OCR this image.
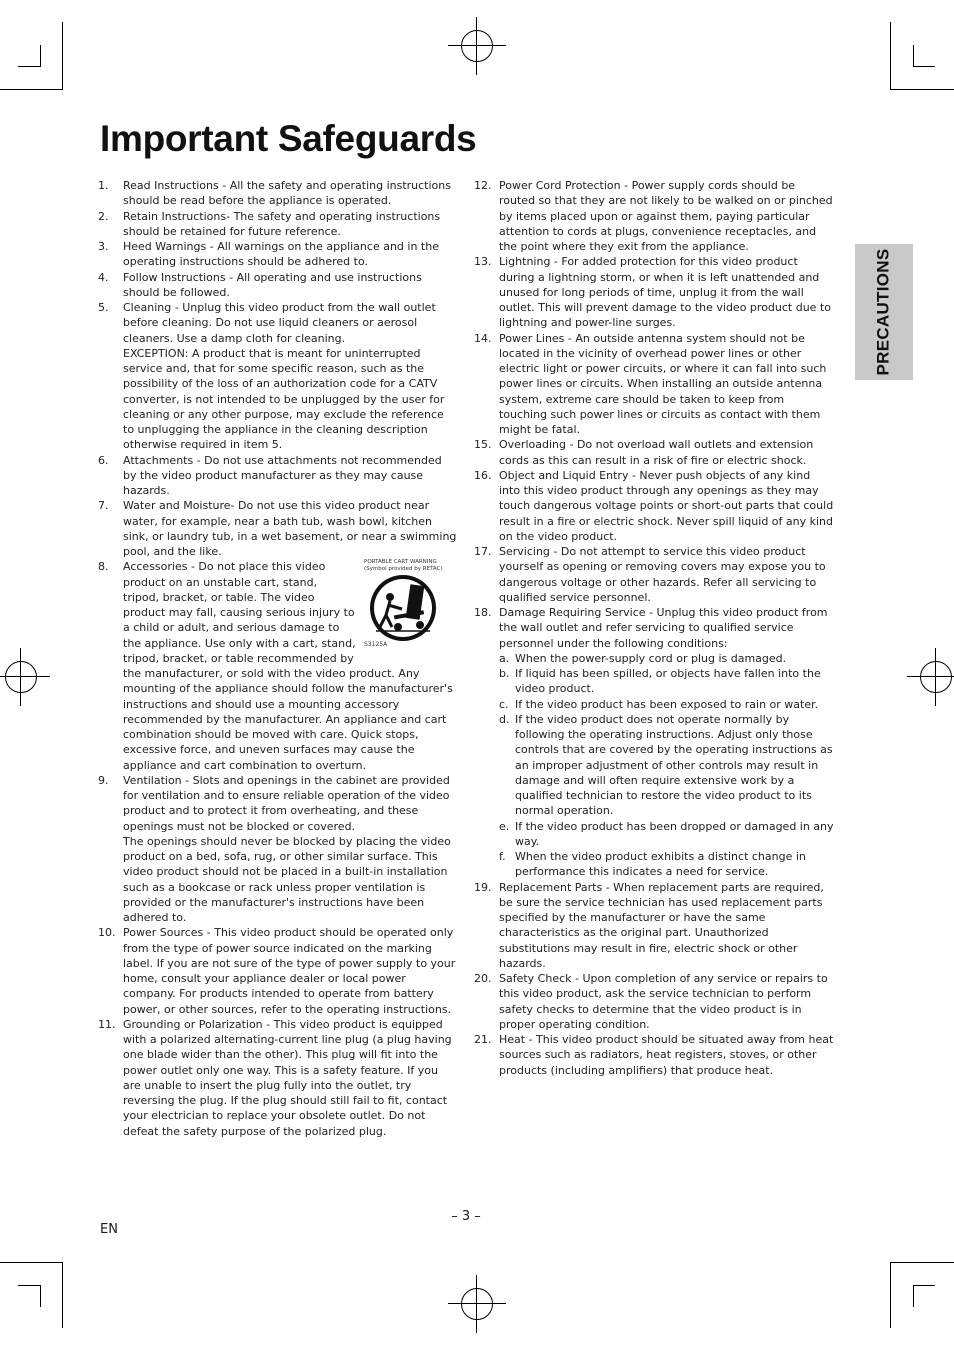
Important Safeguards
PRECAUTIONS
1. Read Instructions - All the safety and operating instructions should be read before the appliance is operated.
2. Retain Instructions- The safety and operating instructions should be retained for future reference.
3. Heed Warnings - All warnings on the appliance and in the operating instructions should be adhered to.
4. Follow Instructions - All operating and use instructions should be followed.
5. Cleaning - Unplug this video product from the wall outlet before cleaning. Do not use liquid cleaners or aerosol cleaners. Use a damp cloth for cleaning.
EXCEPTION: A product that is meant for uninterrupted service and, that for some specific reason, such as the possibility of the loss of an authorization code for a CATV converter, is not intended to be unplugged by the user for cleaning or any other purpose, may exclude the reference to unplugging the appliance in the cleaning description otherwise required in item 5.
6. Attachments - Do not use attachments not recommended by the video product manufacturer as they may cause hazards.
7. Water and Moisture- Do not use this video product near water, for example, near a bath tub, wash bowl, kitchen sink, or laundry tub, in a wet basement, or near a swimming pool, and the like.
8.	PORTABLE CART WARNING
(Symbol provided by RETAC)
S3125A
Accessories - Do not place this video product on an unstable cart, stand, tripod, bracket, or table. The video product may fall, causing serious injury to a child or adult, and serious damage to the appliance. Use only with a cart, stand, tripod, bracket, or table recommended by the manufacturer, or sold with the video product. Any mounting of the appliance should follow the manufacturer's instructions and should use a mounting accessory recommended by the manufacturer. An appliance and cart combination should be moved with care. Quick stops, excessive force, and uneven surfaces may cause the appliance and cart combination to overturn.
9. Ventilation - Slots and openings in the cabinet are provided for ventilation and to ensure reliable operation of the video product and to protect it from overheating, and these openings must not be blocked or covered.
The openings should never be blocked by placing the video product on a bed, sofa, rug, or other similar surface. This video product should not be placed in a built-in installation such as a bookcase or rack unless proper ventilation is provided or the manufacturer's instructions have been adhered to.
10. Power Sources - This video product should be operated only from the type of power source indicated on the marking label. If you are not sure of the type of power supply to your home, consult your appliance dealer or local power company. For products intended to operate from battery power, or other sources, refer to the operating instructions.
11. Grounding or Polarization - This video product is equipped with a polarized alternating-current line plug (a plug having one blade wider than the other). This plug will fit into the power outlet only one way. This is a safety feature. If you are unable to insert the plug fully into the outlet, try reversing the plug. If the plug should still fail to fit, contact your electrician to replace your obsolete outlet. Do not defeat the safety purpose of the polarized plug.
12. Power Cord Protection - Power supply cords should be routed so that they are not likely to be walked on or pinched by items placed upon or against them, paying particular attention to cords at plugs, convenience receptacles, and the point where they exit from the appliance.
13. Lightning - For added protection for this video product during a lightning storm, or when it is left unattended and unused for long periods of time, unplug it from the wall outlet. This will prevent damage to the video product due to lightning and power-line surges.
14. Power Lines - An outside antenna system should not be located in the vicinity of overhead power lines or other electric light or power circuits, or where it can fall into such power lines or circuits. When installing an outside antenna system, extreme care should be taken to keep from touching such power lines or circuits as contact with them might be fatal.
15. Overloading - Do not overload wall outlets and extension cords as this can result in a risk of fire or electric shock.
16. Object and Liquid Entry - Never push objects of any kind into this video product through any openings as they may touch dangerous voltage points or short-out parts that could result in a fire or electric shock. Never spill liquid of any kind on the video product.
17. Servicing - Do not attempt to service this video product yourself as opening or removing covers may expose you to dangerous voltage or other hazards. Refer all servicing to qualified service personnel.
18. Damage Requiring Service - Unplug this video product from the wall outlet and refer servicing to qualified service personnel under the following conditions:
a. When the power-supply cord or plug is damaged.
b. If liquid has been spilled, or objects have fallen into the video product.
c. If the video product has been exposed to rain or water.
d. If the video product does not operate normally by following the operating instructions. Adjust only those controls that are covered by the operating instructions as an improper adjustment of other controls may result in damage and will often require extensive work by a qualified technician to restore the video product to its normal operation.
e. If the video product has been dropped or damaged in any way.
f. When the video product exhibits a distinct change in performance this indicates a need for service.
19. Replacement Parts - When replacement parts are required, be sure the service technician has used replacement parts specified by the manufacturer or have the same characteristics as the original part. Unauthorized substitutions may result in fire, electric shock or other hazards.
20. Safety Check - Upon completion of any service or repairs to this video product, ask the service technician to perform safety checks to determine that the video product is in proper operating condition.
21. Heat - This video product should be situated away from heat sources such as radiators, heat registers, stoves, or other products (including amplifiers) that produce heat.
– 3 –
EN
